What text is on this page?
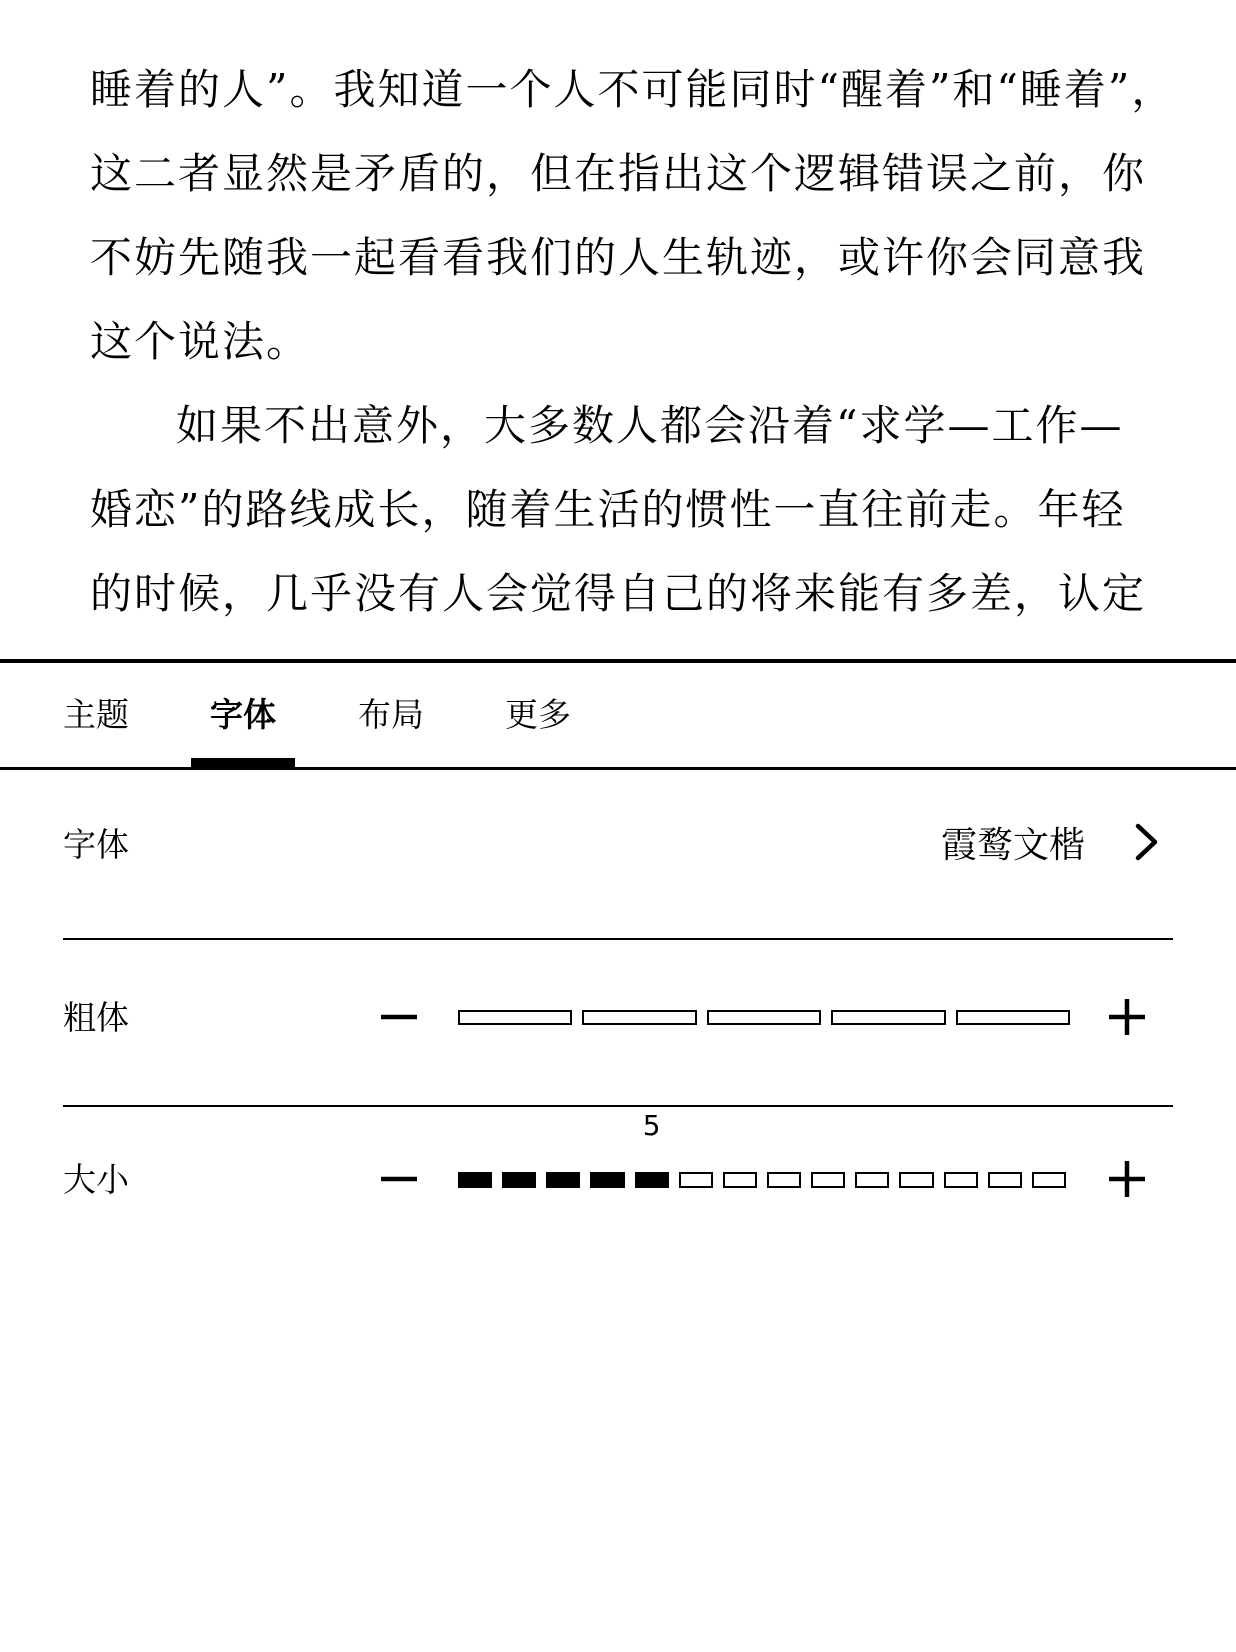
睡着的人”。我知道一个人不可能同时“醒着”和“睡着”，

这二者显然是矛盾的，但在指出这个逻辑错误之前，你

不妨先随我一起看看我们的人生轨迹，或许你会同意我

这个说法。

如果不出意外，大多数人都会沿着“求学—工作—

婚恋”的路线成长，随着生活的惯性一直往前走。年轻

的时候，几乎没有人会觉得自己的将来能有多差，认定

主题	字体	布局 更多
字体	霞鹜文楷
粗体
大小
5
